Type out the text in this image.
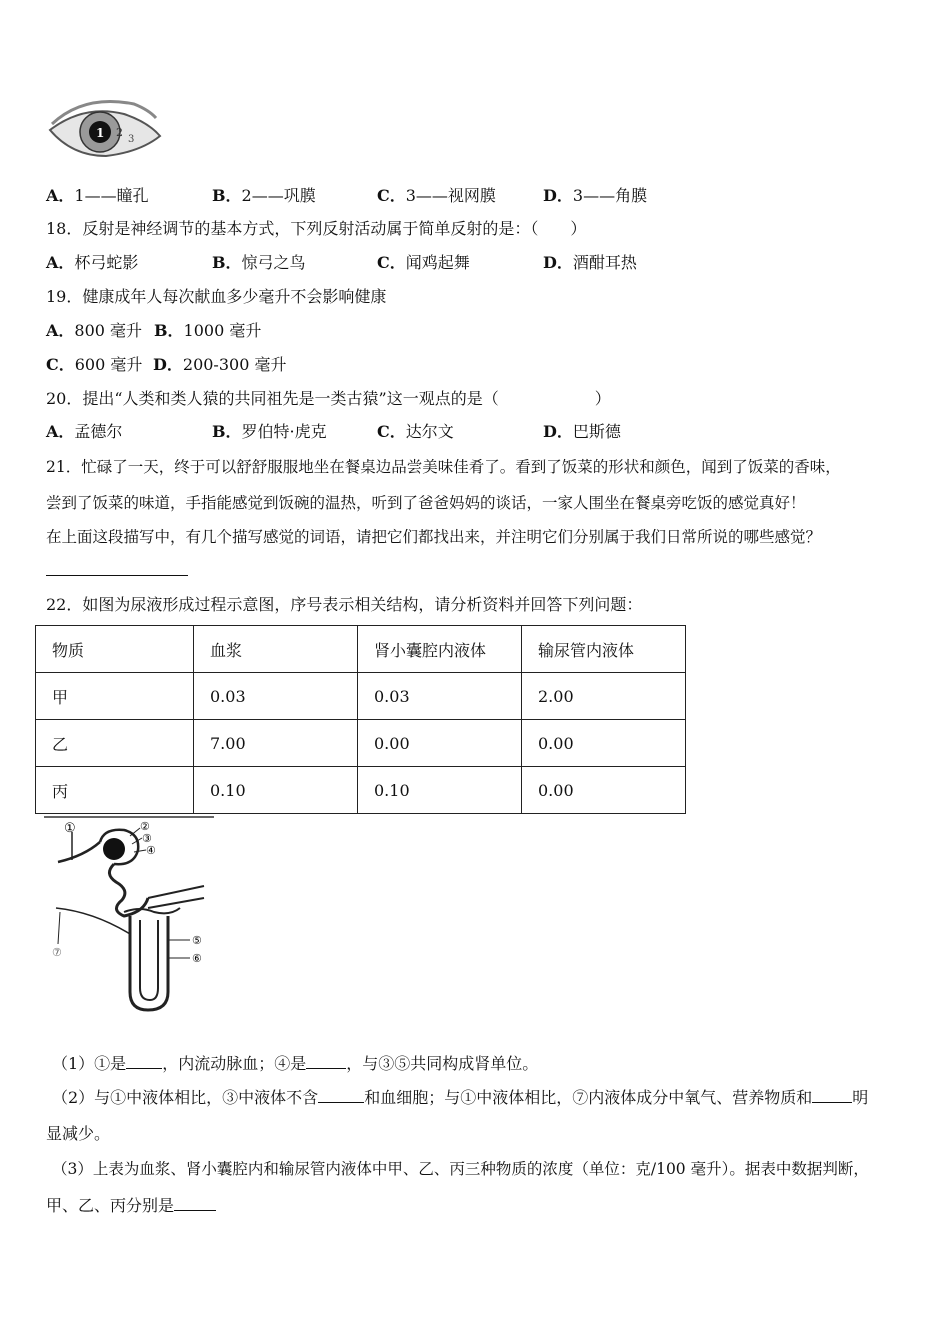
1 2
3
A．1——瞳孔	B．2——巩膜	C．3——视网膜	D．3——角膜
18．反射是神经调节的基本方式，下列反射活动属于简单反射的是：（　　）
A．杯弓蛇影	B．惊弓之鸟	C．闻鸡起舞	D．酒酣耳热
19．健康成年人每次献血多少毫升不会影响健康
A．800 毫升 B．1000 毫升
C．600 毫升 D．200-300 毫升
20．提出“人类和类人猿的共同祖先是一类古猿”这一观点的是（　　　　　　）
A．孟德尔	B．罗伯特·虎克	C．达尔文	D．巴斯德
21．忙碌了一天，终于可以舒舒服服地坐在餐桌边品尝美味佳肴了。看到了饭菜的形状和颜色，闻到了饭菜的香味，
尝到了饭菜的味道，手指能感觉到饭碗的温热，听到了爸爸妈妈的谈话，一家人围坐在餐桌旁吃饭的感觉真好！
在上面这段描写中，有几个描写感觉的词语，请把它们都找出来，并注明它们分别属于我们日常所说的哪些感觉？
22．如图为尿液形成过程示意图，序号表示相关结构，请分析资料并回答下列问题：
物质	血浆	肾小囊腔内液体	输尿管内液体
甲	0.03	0.03	2.00
乙	7.00	0.00	0.00
丙	0.10	0.10	0.00
①	②
③
④
⑤
⑥
⑦
（1）①是 ，内流动脉血；④是	，与③⑤共同构成肾单位。
（2）与①中液体相比，③中液体不含	和血细胞；与①中液体相比，⑦内液体成分中氧气、营养物质和	明
显减少。
（3）上表为血浆、肾小囊腔内和输尿管内液体中甲、乙、丙三种物质的浓度（单位：克/100 毫升）。据表中数据判断，
甲、乙、丙分别是
